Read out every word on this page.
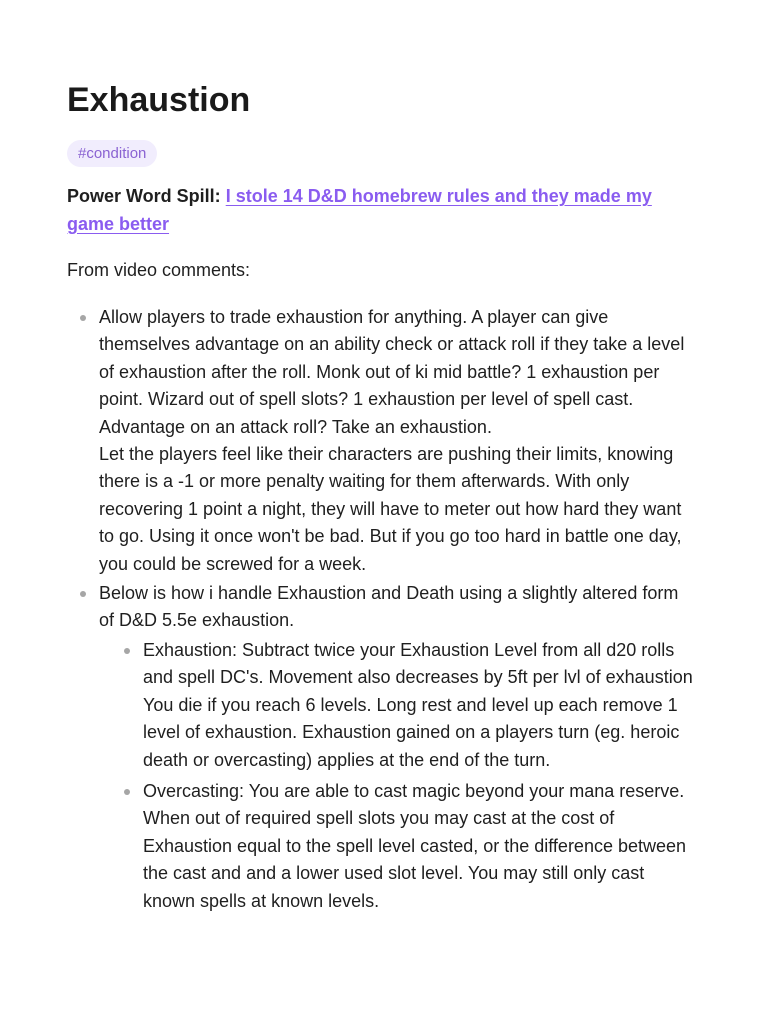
Exhaustion
#condition

Power Word Spill: I stole 14 D&D homebrew rules and they made my game better

From video comments:

Allow players to trade exhaustion for anything. A player can give themselves advantage on an ability check or attack roll if they take a level of exhaustion after the roll. Monk out of ki mid battle? 1 exhaustion per point. Wizard out of spell slots? 1 exhaustion per level of spell cast. Advantage on an attack roll? Take an exhaustion.
Let the players feel like their characters are pushing their limits, knowing there is a -1 or more penalty waiting for them afterwards. With only recovering 1 point a night, they will have to meter out how hard they want to go. Using it once won't be bad. But if you go too hard in battle one day, you could be screwed for a week.
Below is how i handle Exhaustion and Death using a slightly altered form of D&D 5.5e exhaustion.
Exhaustion: Subtract twice your Exhaustion Level from all d20 rolls and spell DC's. Movement also decreases by 5ft per lvl of exhaustion You die if you reach 6 levels. Long rest and level up each remove 1 level of exhaustion. Exhaustion gained on a players turn (eg. heroic death or overcasting) applies at the end of the turn.
Overcasting: You are able to cast magic beyond your mana reserve. When out of required spell slots you may cast at the cost of Exhaustion equal to the spell level casted, or the difference between the cast and and a lower used slot level. You may still only cast known spells at known levels.
